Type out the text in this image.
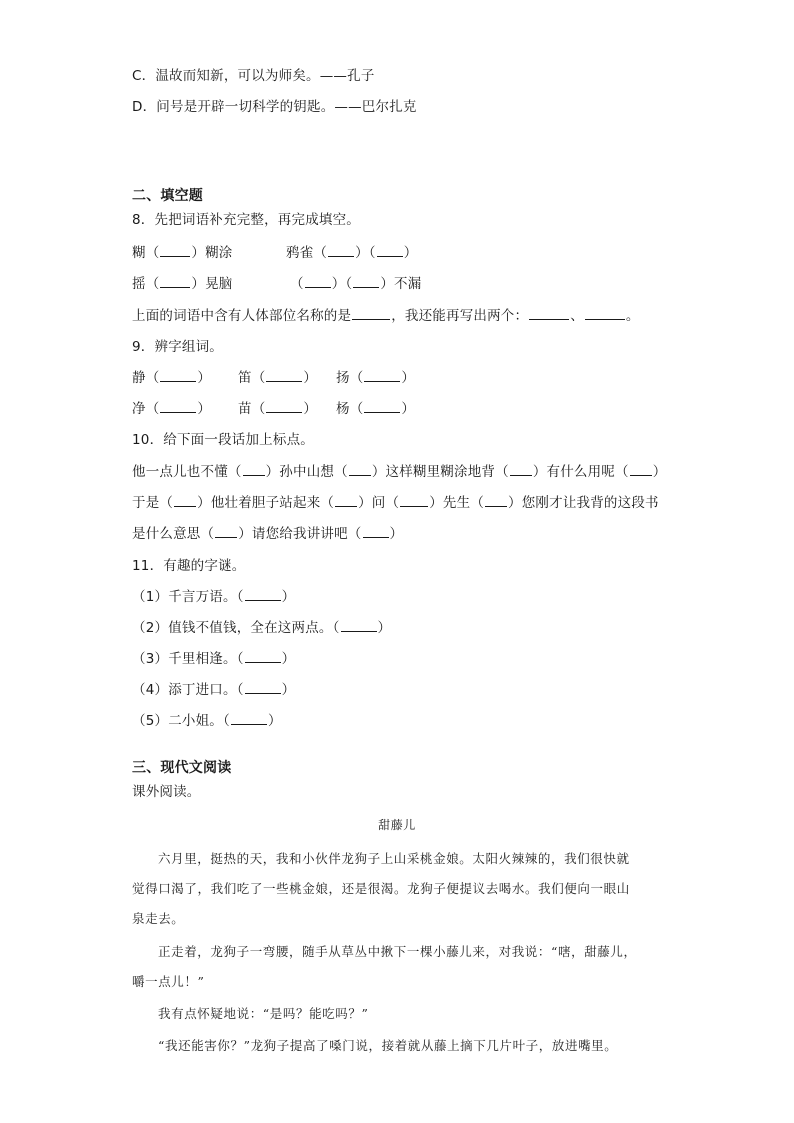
C．温故而知新，可以为师矣。——孔子
D．问号是开辟一切科学的钥匙。——巴尔扎克
二、填空题
8．先把词语补充完整，再完成填空。
糊（ ）糊涂	鸦雀（ ）（ ）
摇（ ）晃脑	（ ）（ ）不漏
上面的词语中含有人体部位名称的是	，我还能再写出两个：	、	。
9．辨字组词。
静（	） 笛（	） 扬（	）
净（	） 苗（	） 杨（	）
10．给下面一段话加上标点。
他一点儿也不懂（ ）孙中山想（ ）这样糊里糊涂地背（ ）有什么用呢（ ）
于是（ ）他壮着胆子站起来（ ）问（ ）先生（ ）您刚才让我背的这段书
是什么意思（ ）请您给我讲讲吧（ ）
11．有趣的字谜。
（1）千言万语。（	）
（2）值钱不值钱，全在这两点。（	）
（3）千里相逢。（	）
（4）添丁进口。（	）
（5）二小姐。（	）
三、现代文阅读
课外阅读。
甜藤儿
六月里，挺热的天，我和小伙伴龙狗子上山采桃金娘。太阳火辣辣的，我们很快就
觉得口渴了，我们吃了一些桃金娘，还是很渴。龙狗子便提议去喝水。我们便向一眼山
泉走去。
正走着，龙狗子一弯腰，随手从草丛中揪下一棵小藤儿来，对我说：“嗐，甜藤儿，
嚼一点儿！”
我有点怀疑地说：“是吗？能吃吗？”
“我还能害你？”龙狗子提高了嗓门说，接着就从藤上摘下几片叶子，放进嘴里。
